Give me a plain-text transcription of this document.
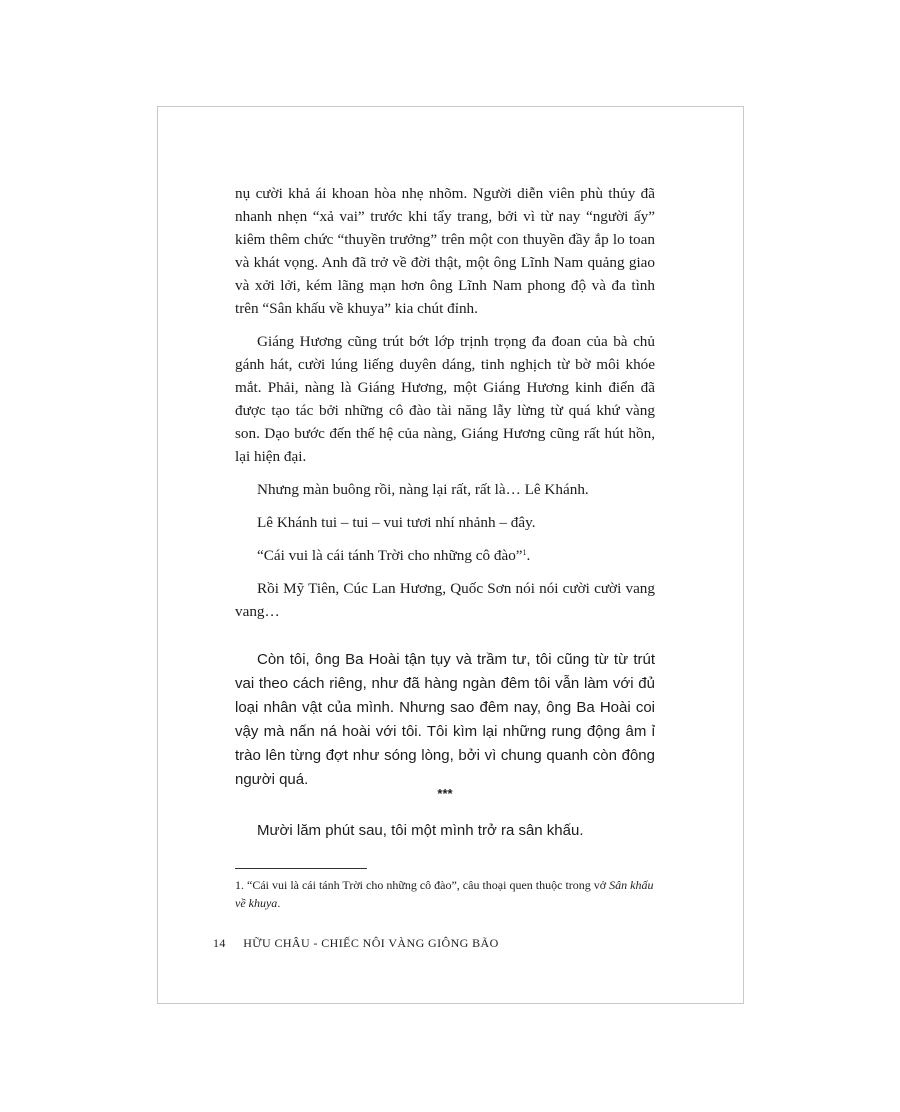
nụ cười khả ái khoan hòa nhẹ nhõm. Người diễn viên phù thủy đã nhanh nhẹn “xả vai” trước khi tẩy trang, bởi vì từ nay “người ấy” kiêm thêm chức “thuyền trưởng” trên một con thuyền đầy ắp lo toan và khát vọng. Anh đã trở về đời thật, một ông Lĩnh Nam quảng giao và xởi lởi, kém lãng mạn hơn ông Lĩnh Nam phong độ và đa tình trên “Sân khấu về khuya” kia chút đỉnh.

Giáng Hương cũng trút bớt lớp trịnh trọng đa đoan của bà chủ gánh hát, cười lúng liếng duyên dáng, tinh nghịch từ bờ môi khóe mắt. Phải, nàng là Giáng Hương, một Giáng Hương kinh điển đã được tạo tác bởi những cô đào tài năng lẫy lừng từ quá khứ vàng son. Dạo bước đến thế hệ của nàng, Giáng Hương cũng rất hút hồn, lại hiện đại.

Nhưng màn buông rồi, nàng lại rất, rất là… Lê Khánh.

Lê Khánh tui – tui – vui tươi nhí nhảnh – đây.

“Cái vui là cái tánh Trời cho những cô đào”$^1$.

Rồi Mỹ Tiên, Cúc Lan Hương, Quốc Sơn nói nói cười cười vang vang…

Còn tôi, ông Ba Hoài tận tụy và trầm tư, tôi cũng từ từ trút vai theo cách riêng, như đã hàng ngàn đêm tôi vẫn làm với đủ loại nhân vật của mình. Nhưng sao đêm nay, ông Ba Hoài coi vậy mà nấn ná hoài với tôi. Tôi kìm lại những rung động âm ỉ trào lên từng đợt như sóng lòng, bởi vì chung quanh còn đông người quá.

***

Mười lăm phút sau, tôi một mình trở ra sân khấu.

1. “Cái vui là cái tánh Trời cho những cô đào”, câu thoại quen thuộc trong vở Sân khấu về khuya.
14 HỮU CHÂU - CHIẾC NÔI VÀNG GIÔNG BÃO
